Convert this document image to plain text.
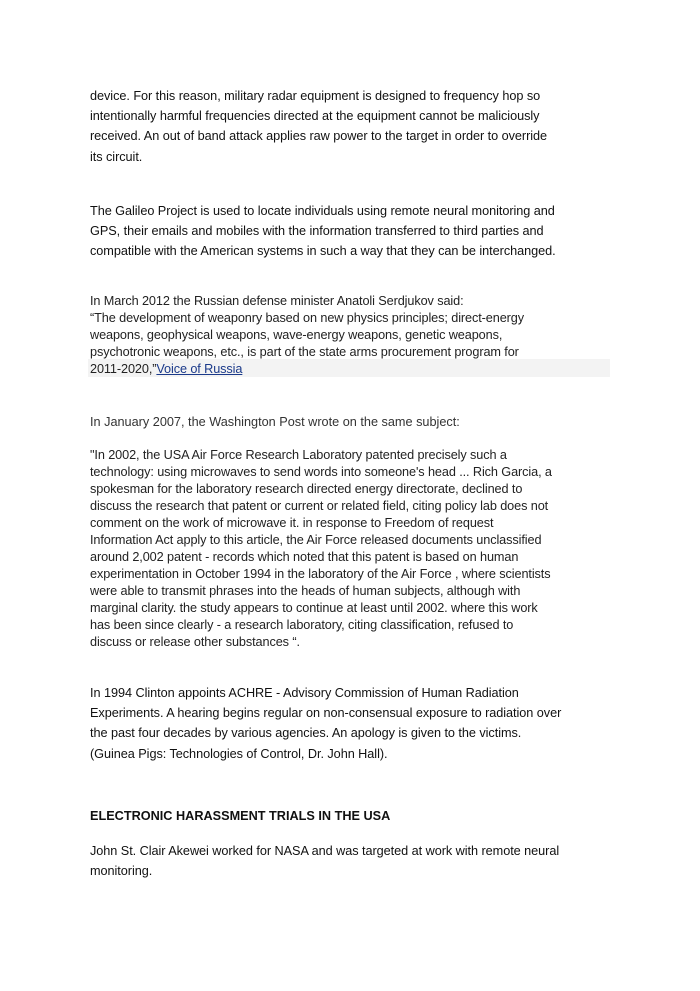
device. For this reason, military radar equipment is designed to frequency hop so
intentionally harmful frequencies directed at the equipment cannot be maliciously
received. An out of band attack applies raw power to the target in order to override
its circuit.

The Galileo Project is used to locate individuals using remote neural monitoring and
GPS, their emails and mobiles with the information transferred to third parties and
compatible with the American systems in such a way that they can be interchanged.

In March 2012 the Russian defense minister Anatoli Serdjukov said:
“The development of weaponry based on new physics principles; direct-energy
weapons, geophysical weapons, wave-energy weapons, genetic weapons,
psychotronic weapons, etc., is part of the state arms procurement program for
2011-2020,”Voice of Russia

In January 2007, the Washington Post wrote on the same subject:

"In 2002, the USA Air Force Research Laboratory patented precisely such a
technology: using microwaves to send words into someone's head ... Rich Garcia, a
spokesman for the laboratory research directed energy directorate, declined to
discuss the research that patent or current or related field, citing policy lab does not
comment on the work of microwave it. in response to Freedom of request
Information Act apply to this article, the Air Force released documents unclassified
around 2,002 patent - records which noted that this patent is based on human
experimentation in October 1994 in the laboratory of the Air Force , where scientists
were able to transmit phrases into the heads of human subjects, although with
marginal clarity. the study appears to continue at least until 2002. where this work
has been since clearly - a research laboratory, citing classification, refused to
discuss or release other substances “.

In 1994 Clinton appoints ACHRE - Advisory Commission of Human Radiation
Experiments. A hearing begins regular on non-consensual exposure to radiation over
the past four decades by various agencies. An apology is given to the victims.
(Guinea Pigs: Technologies of Control, Dr. John Hall).

ELECTRONIC HARASSMENT TRIALS IN THE USA

John St. Clair Akewei worked for NASA and was targeted at work with remote neural
monitoring.
